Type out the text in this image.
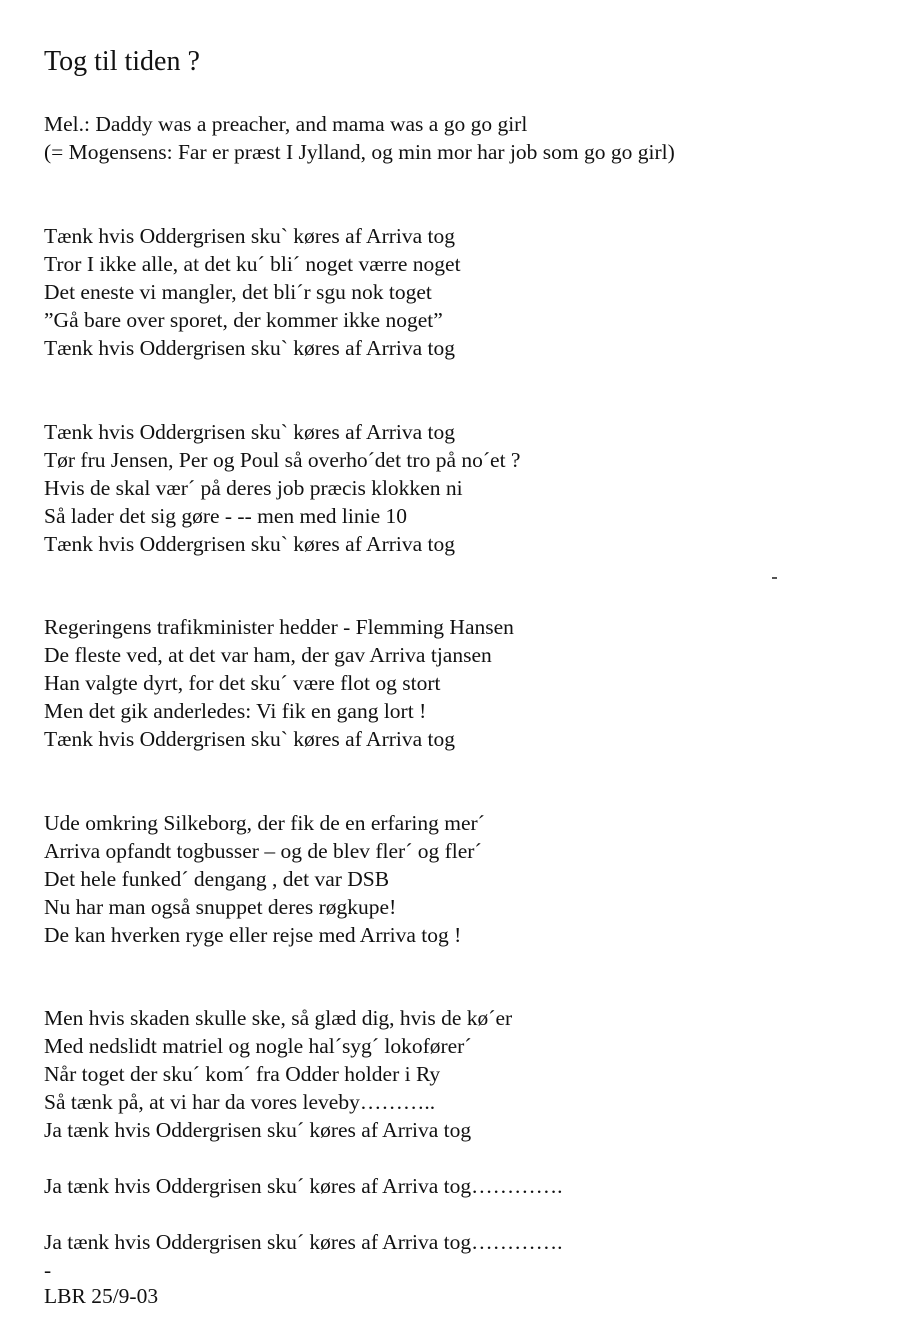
Tog til tiden ?
Mel.: Daddy was a preacher, and mama was a go go girl
(= Mogensens: Far er præst I Jylland, og min mor har job som go go girl)
Tænk hvis Oddergrisen sku` køres af Arriva tog
Tror I ikke alle, at det ku´ bli´ noget værre noget
Det eneste vi mangler, det bli´r sgu nok toget
”Gå bare over sporet, der kommer ikke noget”
Tænk hvis Oddergrisen sku` køres af Arriva tog
Tænk hvis Oddergrisen sku` køres af Arriva tog
Tør fru Jensen, Per og Poul så overho´det tro på no´et ?
Hvis de skal vær´ på deres job præcis klokken ni
Så lader det sig gøre - -- men med linie 10
Tænk hvis Oddergrisen sku` køres af Arriva tog
Regeringens trafikminister hedder - Flemming Hansen
De fleste ved, at det var ham, der gav Arriva tjansen
Han valgte dyrt, for det sku´ være flot og stort
Men det gik anderledes: Vi fik en gang lort !
Tænk hvis Oddergrisen sku` køres af Arriva tog
Ude omkring Silkeborg, der fik de en erfaring mer´
Arriva opfandt togbusser – og de blev fler´ og fler´
Det hele funked´ dengang , det var DSB
Nu har man også snuppet deres røgkupe!
De kan hverken ryge eller rejse med Arriva tog !
Men hvis skaden skulle ske, så glæd dig, hvis de kø´er
Med nedslidt matriel og nogle hal´syg´ lokofører´
Når toget der sku´ kom´ fra Odder holder i Ry
Så tænk på, at vi har da vores leveby………..
Ja tænk hvis Oddergrisen sku´ køres af Arriva tog
Ja tænk hvis Oddergrisen sku´ køres af Arriva tog………….
Ja tænk hvis Oddergrisen sku´ køres af Arriva tog………….
-
LBR 25/9-03
